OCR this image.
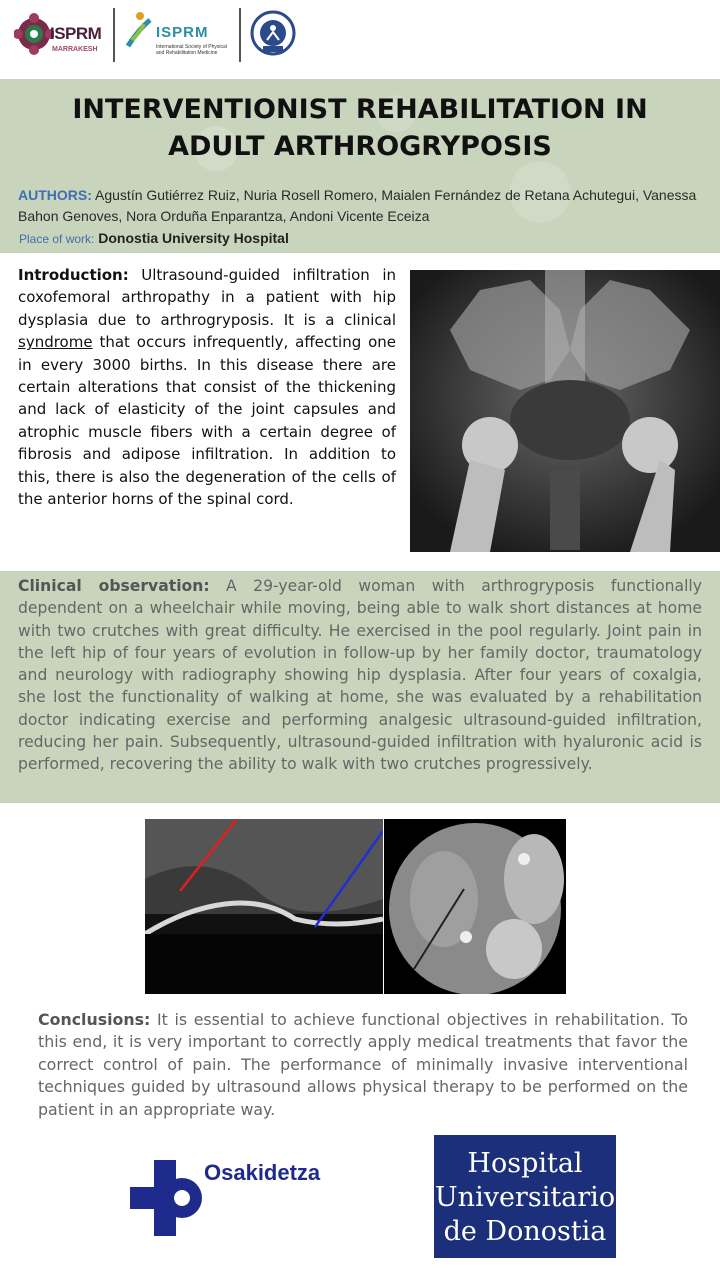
ISPRM
MARRAKESH
ISPRM
International Society of Physical and Rehabilitation Medicine
INTERVENTIONIST REHABILITATION IN ADULT ARTHROGRYPOSIS
AUTHORS: Agustín Gutiérrez Ruiz, Nuria Rosell Romero, Maialen Fernández de Retana Achutegui, Vanessa Bahon Genoves, Nora Orduña Enparantza, Andoni Vicente Eceiza
Place of work: Donostia University Hospital
Introduction: Ultrasound-guided infiltration in coxofemoral arthropathy in a patient with hip dysplasia due to arthrogryposis. It is a clinical syndrome that occurs infrequently, affecting one in every 3000 births. In this disease there are certain alterations that consist of the thickening and lack of elasticity of the joint capsules and atrophic muscle fibers with a certain degree of fibrosis and adipose infiltration. In addition to this, there is also the degeneration of the cells of the anterior horns of the spinal cord.

Clinical observation: A 29-year-old woman with arthrogryposis functionally dependent on a wheelchair while moving, being able to walk short distances at home with two crutches with great difficulty. He exercised in the pool regularly. Joint pain in the left hip of four years of evolution in follow-up by her family doctor, traumatology and neurology with radiography showing hip dysplasia. After four years of coxalgia, she lost the functionality of walking at home, she was evaluated by a rehabilitation doctor indicating exercise and performing analgesic ultrasound-guided infiltration, reducing her pain. Subsequently, ultrasound-guided infiltration with hyaluronic acid is performed, recovering the ability to walk with two crutches progressively.

Conclusions: It is essential to achieve functional objectives in rehabilitation. To this end, it is very important to correctly apply medical treatments that favor the correct control of pain. The performance of minimally invasive interventional techniques guided by ultrasound allows physical therapy to be performed on the patient in an appropriate way.
Osakidetza	Hospital
Universitario
de Donostia
